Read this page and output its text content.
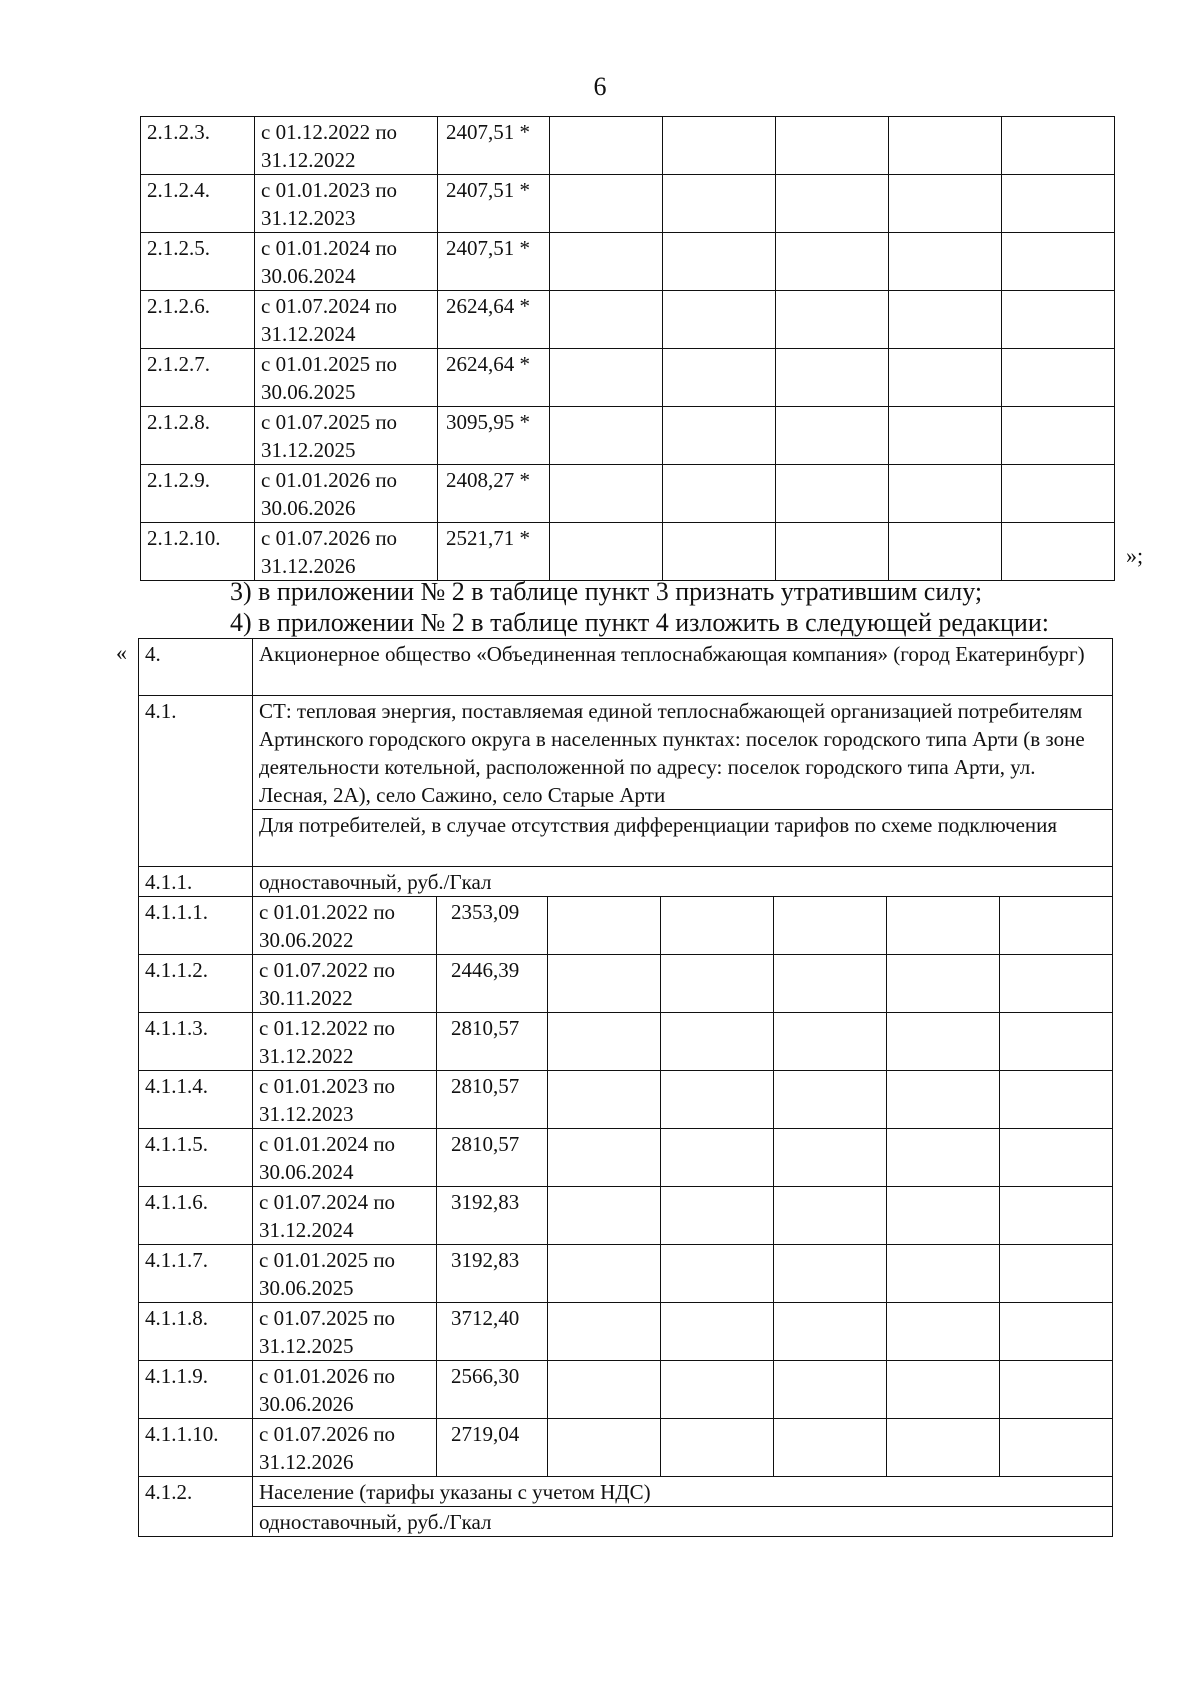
6
2.1.2.3.	с 01.12.2022 по 31.12.2022	2407,51 *					
2.1.2.4.	с 01.01.2023 по 31.12.2023	2407,51 *					
2.1.2.5.	с 01.01.2024 по 30.06.2024	2407,51 *					
2.1.2.6.	с 01.07.2024 по 31.12.2024	2624,64 *					
2.1.2.7.	с 01.01.2025 по 30.06.2025	2624,64 *					
2.1.2.8.	с 01.07.2025 по 31.12.2025	3095,95 *					
2.1.2.9.	с 01.01.2026 по 30.06.2026	2408,27 *					
2.1.2.10.	с 01.07.2026 по 31.12.2026	2521,71 *					
»;
3) в приложении № 2 в таблице пункт 3 признать утратившим силу;
4) в приложении № 2 в таблице пункт 4 изложить в следующей редакции:
« 4.	Акционерное общество «Объединенная теплоснабжающая компания» (город Екатеринбург)						
4.1.	СТ: тепловая энергия, поставляемая единой теплоснабжающей организацией потребителям Артинского городского округа в населенных пунктах: поселок городского типа Арти (в зоне деятельности котельной, расположенной по адресу: поселок городского типа Арти, ул. Лесная, 2А), село Сажино, село Старые Арти						
	Для потребителей, в случае отсутствия дифференциации тарифов по схеме подключения						
4.1.1.	одноставочный, руб./Гкал						
4.1.1.1.	с 01.01.2022 по 30.06.2022	2353,09					
4.1.1.2.	с 01.07.2022 по 30.11.2022	2446,39					
4.1.1.3.	с 01.12.2022 по 31.12.2022	2810,57					
4.1.1.4.	с 01.01.2023 по 31.12.2023	2810,57					
4.1.1.5.	с 01.01.2024 по 30.06.2024	2810,57					
4.1.1.6.	с 01.07.2024 по 31.12.2024	3192,83					
4.1.1.7.	с 01.01.2025 по 30.06.2025	3192,83					
4.1.1.8.	с 01.07.2025 по 31.12.2025	3712,40					
4.1.1.9.	с 01.01.2026 по 30.06.2026	2566,30					
4.1.1.10.	с 01.07.2026 по 31.12.2026	2719,04					
4.1.2.	Население (тарифы указаны с учетом НДС)						
	одноставочный, руб./Гкал						
